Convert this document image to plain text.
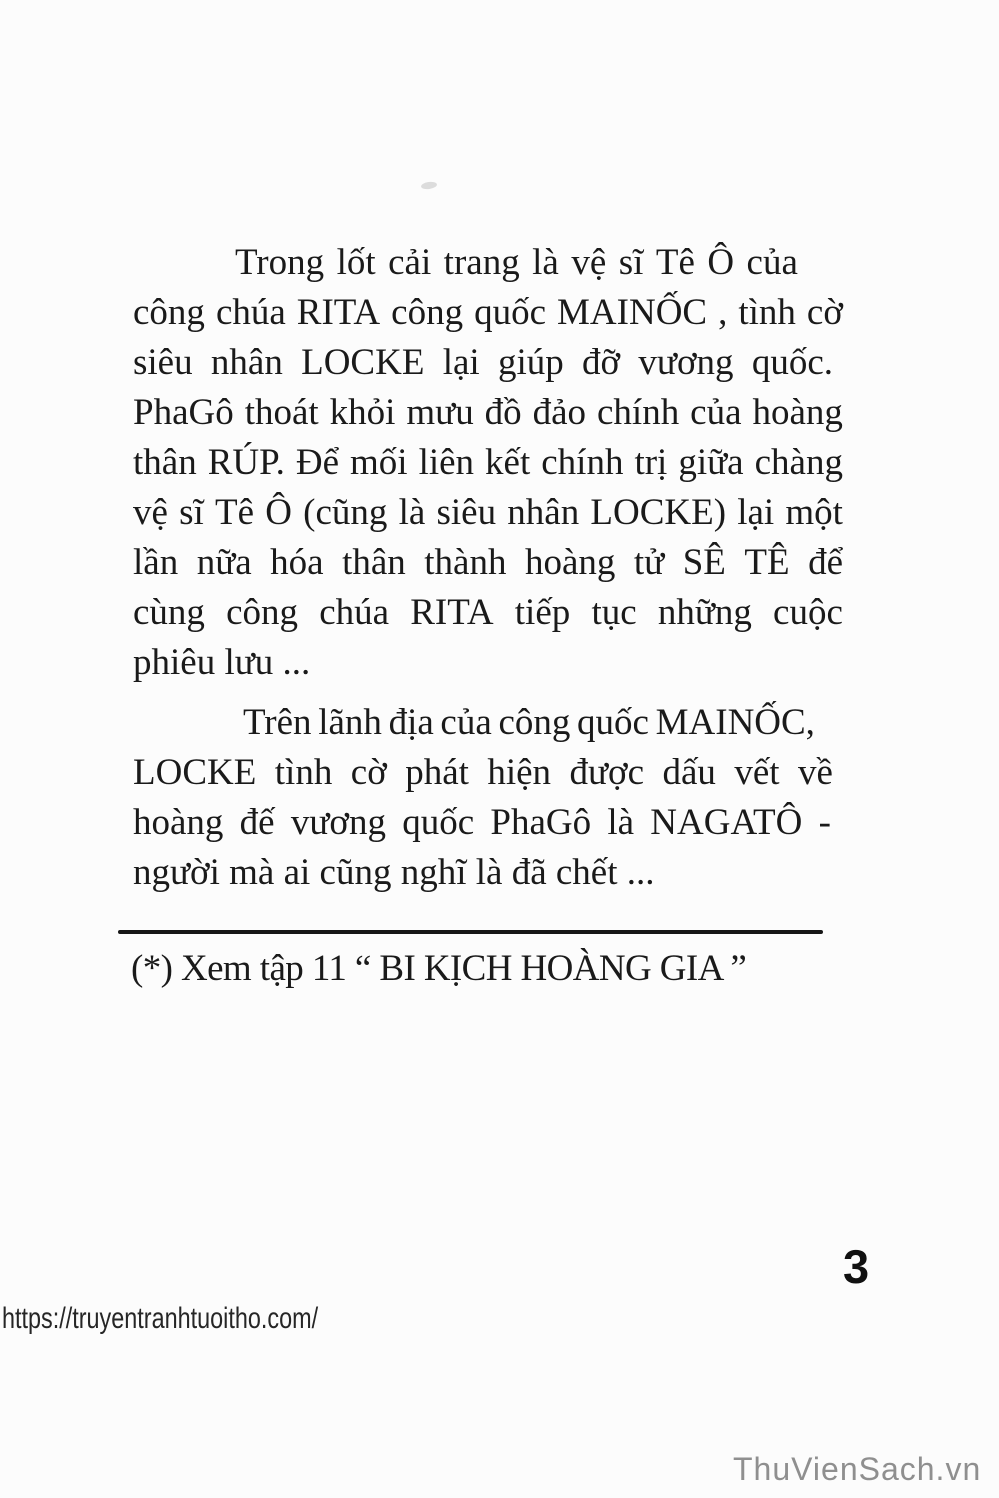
Trong lốt cải trang là vệ sĩ Tê Ô của
công chúa RITA công quốc MAINỐC , tình cờ
siêu nhân LOCKE lại giúp đỡ vương quốc.
PhaGô thoát khỏi mưu đồ đảo chính của hoàng
thân RÚP. Để mối liên kết chính trị giữa chàng
vệ sĩ Tê Ô (cũng là siêu nhân LOCKE) lại một
lần nữa hóa thân thành hoàng tử SÊ TÊ để
cùng công chúa RITA tiếp tục những cuộc
phiêu lưu ...
Trên lãnh địa của công quốc MAINỐC,
LOCKE tình cờ phát hiện được dấu vết về
hoàng đế vương quốc PhaGô là NAGATÔ -
người mà ai cũng nghĩ là đã chết ...
(*) Xem tập 11 “ BI KỊCH HOÀNG GIA ”
3
https://truyentranhtuoitho.com/
ThuVienSach.vn
